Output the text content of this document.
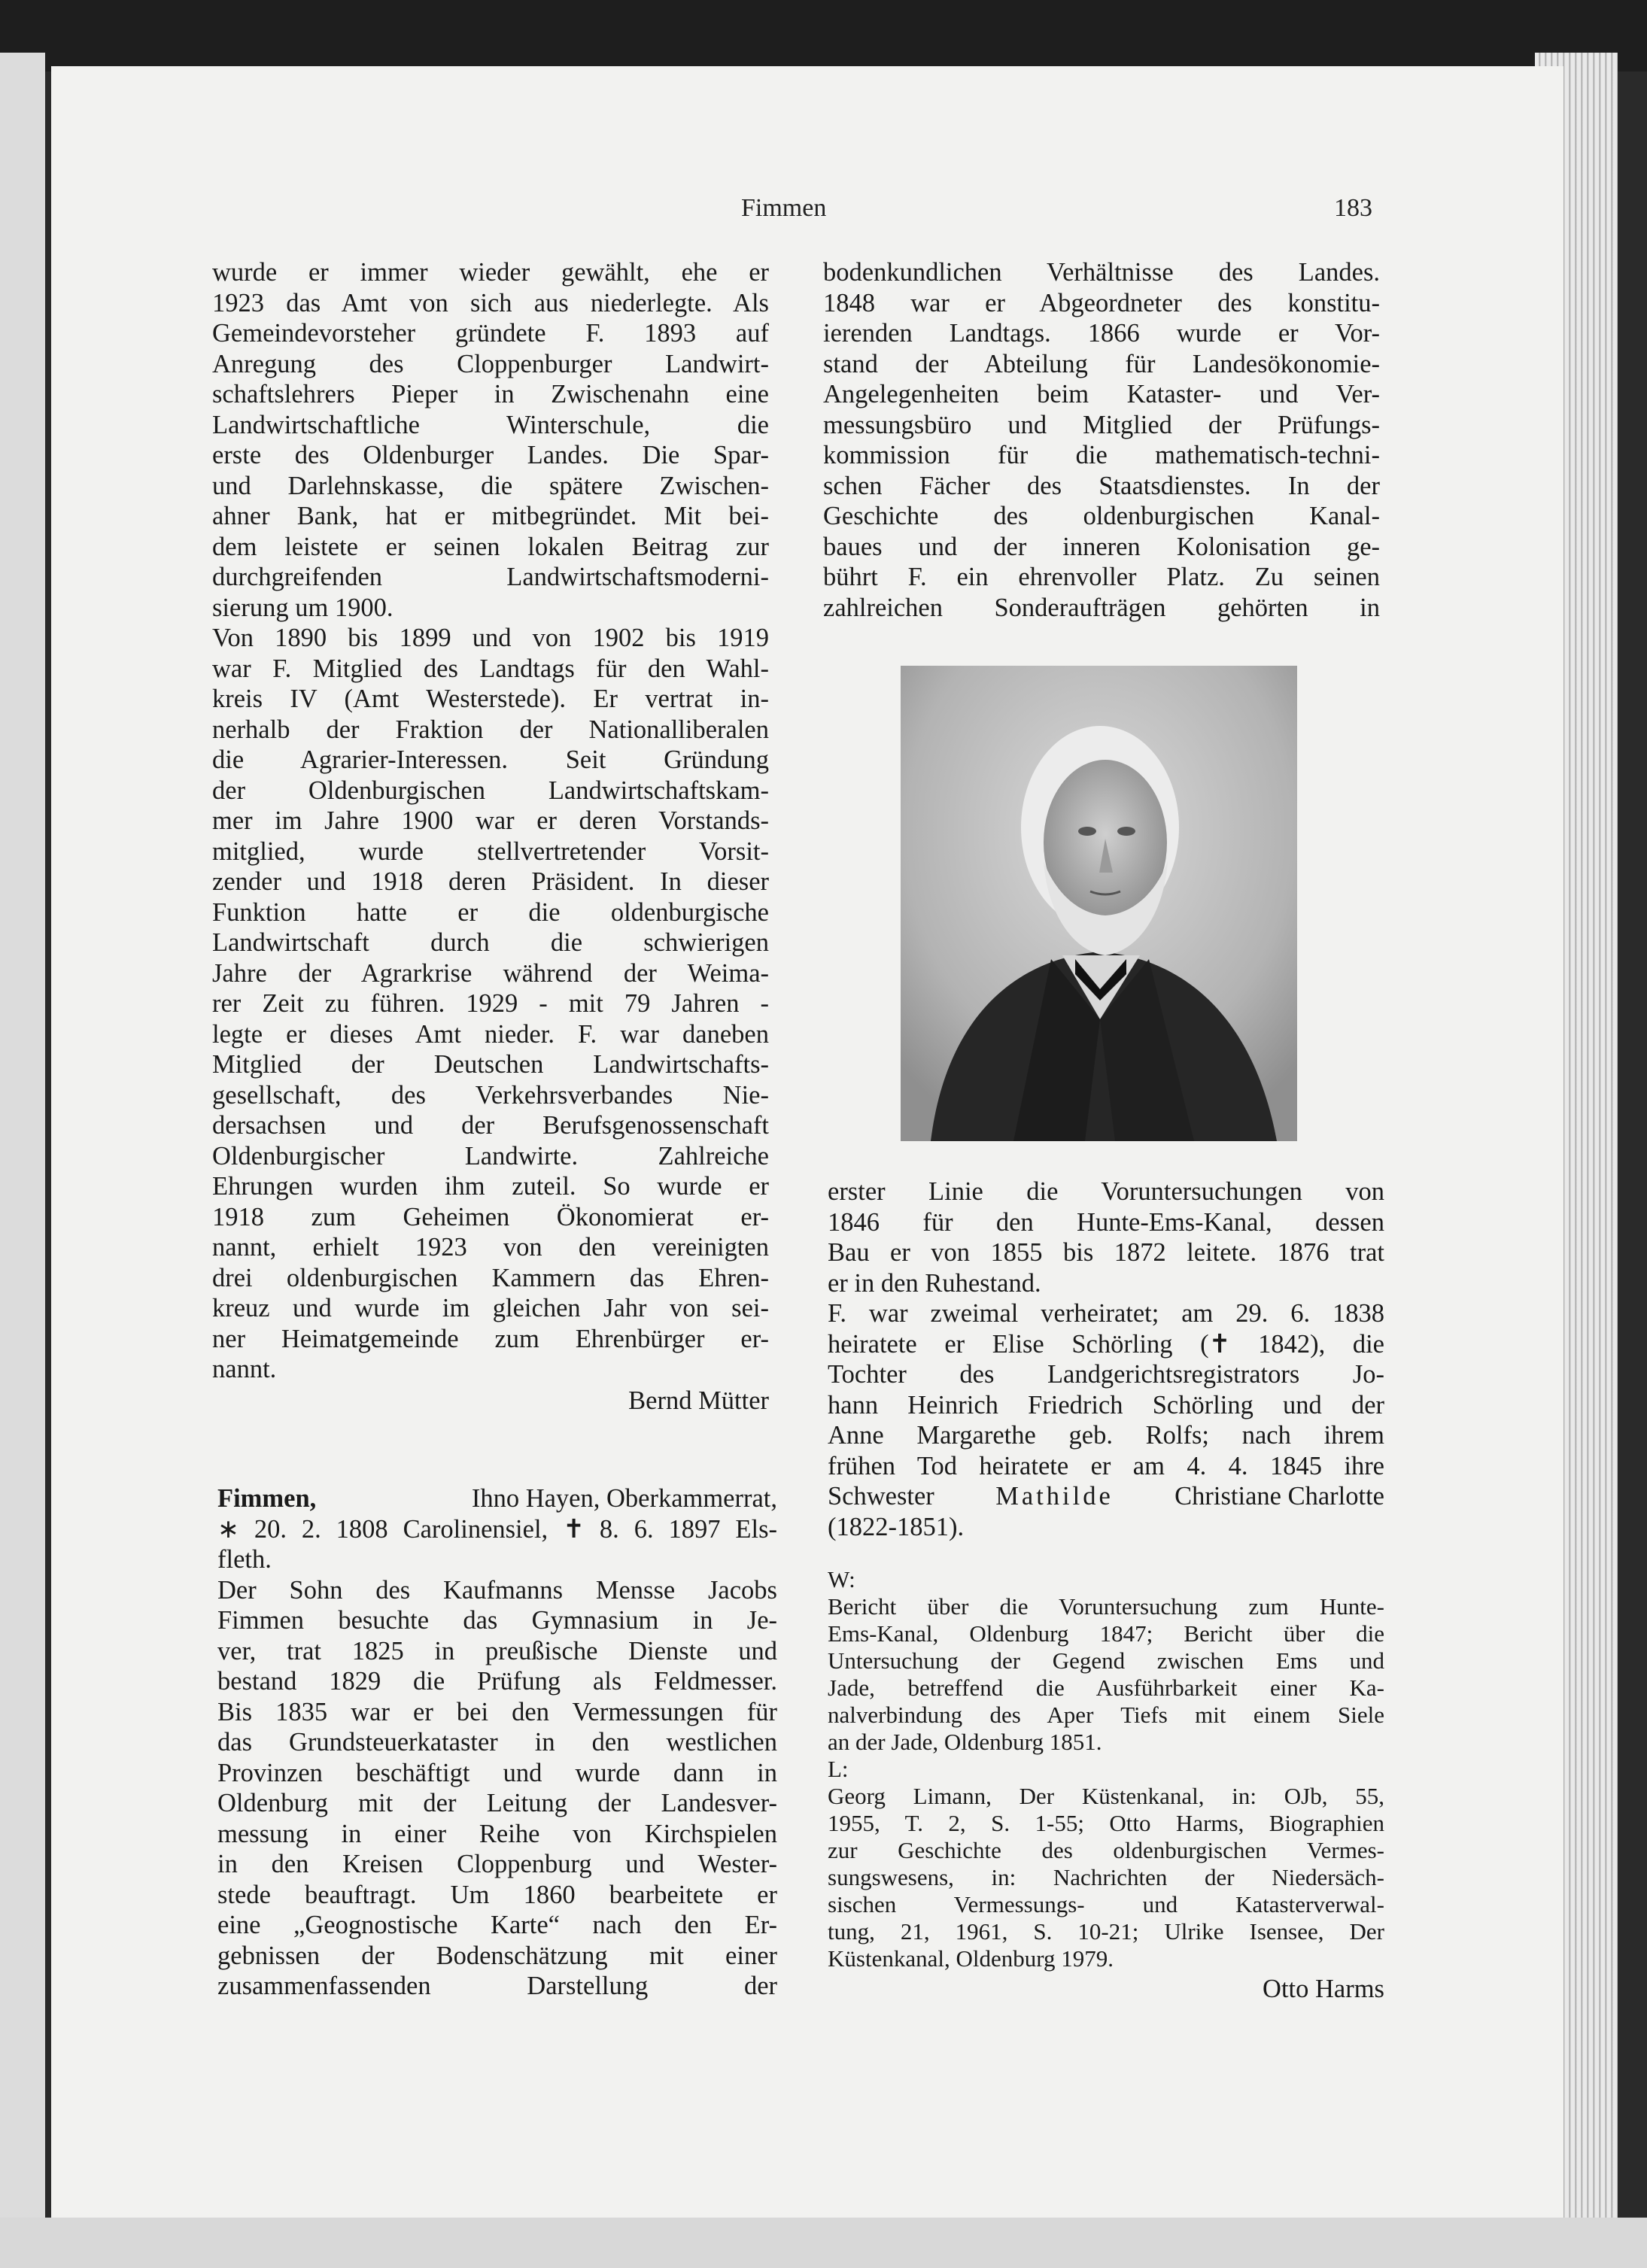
Fimmen	183
wurde er immer wieder gewählt, ehe er
1923 das Amt von sich aus niederlegte. Als
Gemeindevorsteher gründete F. 1893 auf
Anregung des Cloppenburger Landwirt-
schaftslehrers Pieper in Zwischenahn eine
Landwirtschaftliche Winterschule, die
erste des Oldenburger Landes. Die Spar-
und Darlehnskasse, die spätere Zwischen-
ahner Bank, hat er mitbegründet. Mit bei-
dem leistete er seinen lokalen Beitrag zur
durchgreifenden Landwirtschaftsmoderni-
sierung um 1900.
Von 1890 bis 1899 und von 1902 bis 1919
war F. Mitglied des Landtags für den Wahl-
kreis IV (Amt Westerstede). Er vertrat in-
nerhalb der Fraktion der Nationalliberalen
die Agrarier-Interessen. Seit Gründung
der Oldenburgischen Landwirtschaftskam-
mer im Jahre 1900 war er deren Vorstands-
mitglied, wurde stellvertretender Vorsit-
zender und 1918 deren Präsident. In dieser
Funktion hatte er die oldenburgische
Landwirtschaft durch die schwierigen
Jahre der Agrarkrise während der Weima-
rer Zeit zu führen. 1929 - mit 79 Jahren -
legte er dieses Amt nieder. F. war daneben
Mitglied der Deutschen Landwirtschafts-
gesellschaft, des Verkehrsverbandes Nie-
dersachsen und der Berufsgenossenschaft
Oldenburgischer Landwirte. Zahlreiche
Ehrungen wurden ihm zuteil. So wurde er
1918 zum Geheimen Ökonomierat er-
nannt, erhielt 1923 von den vereinigten
drei oldenburgischen Kammern das Ehren-
kreuz und wurde im gleichen Jahr von sei-
ner Heimatgemeinde zum Ehrenbürger er-
nannt.
Bernd Mütter
Fimmen,	Ihno Hayen, Oberkammerrat,
∗ 20. 2. 1808 Carolinensiel, ✝ 8. 6. 1897 Els-
fleth.
Der Sohn des Kaufmanns Mensse Jacobs
Fimmen besuchte das Gymnasium in Je-
ver, trat 1825 in preußische Dienste und
bestand 1829 die Prüfung als Feldmesser.
Bis 1835 war er bei den Vermessungen für
das Grundsteuerkataster in den westlichen
Provinzen beschäftigt und wurde dann in
Oldenburg mit der Leitung der Landesver-
messung in einer Reihe von Kirchspielen
in den Kreisen Cloppenburg und Wester-
stede beauftragt. Um 1860 bearbeitete er
eine „Geognostische Karte“ nach den Er-
gebnissen der Bodenschätzung mit einer
zusammenfassenden Darstellung der
bodenkundlichen Verhältnisse des Landes.
1848 war er Abgeordneter des konstitu-
ierenden Landtags. 1866 wurde er Vor-
stand der Abteilung für Landesökonomie-
Angelegenheiten beim Kataster- und Ver-
messungsbüro und Mitglied der Prüfungs-
kommission für die mathematisch-techni-
schen Fächer des Staatsdienstes. In der
Geschichte des oldenburgischen Kanal-
baues und der inneren Kolonisation ge-
bührt F. ein ehrenvoller Platz. Zu seinen
zahlreichen Sonderaufträgen gehörten in
erster Linie die Voruntersuchungen von
1846 für den Hunte-Ems-Kanal, dessen
Bau er von 1855 bis 1872 leitete. 1876 trat
er in den Ruhestand.
F. war zweimal verheiratet; am 29. 6. 1838
heiratete er Elise Schörling (✝ 1842), die
Tochter des Landgerichtsregistrators Jo-
hann Heinrich Friedrich Schörling und der
Anne Margarethe geb. Rolfs; nach ihrem
frühen Tod heiratete er am 4. 4. 1845 ihre
Schwester Mathilde Christiane Charlotte
(1822-1851).
W:
Bericht über die Voruntersuchung zum Hunte-
Ems-Kanal, Oldenburg 1847; Bericht über die
Untersuchung der Gegend zwischen Ems und
Jade, betreffend die Ausführbarkeit einer Ka-
nalverbindung des Aper Tiefs mit einem Siele
an der Jade, Oldenburg 1851.
L:
Georg Limann, Der Küstenkanal, in: OJb, 55,
1955, T. 2, S. 1-55; Otto Harms, Biographien
zur Geschichte des oldenburgischen Vermes-
sungswesens, in: Nachrichten der Niedersäch-
sischen Vermessungs- und Katasterverwal-
tung, 21, 1961, S. 10-21; Ulrike Isensee, Der
Küstenkanal, Oldenburg 1979.
Otto Harms
